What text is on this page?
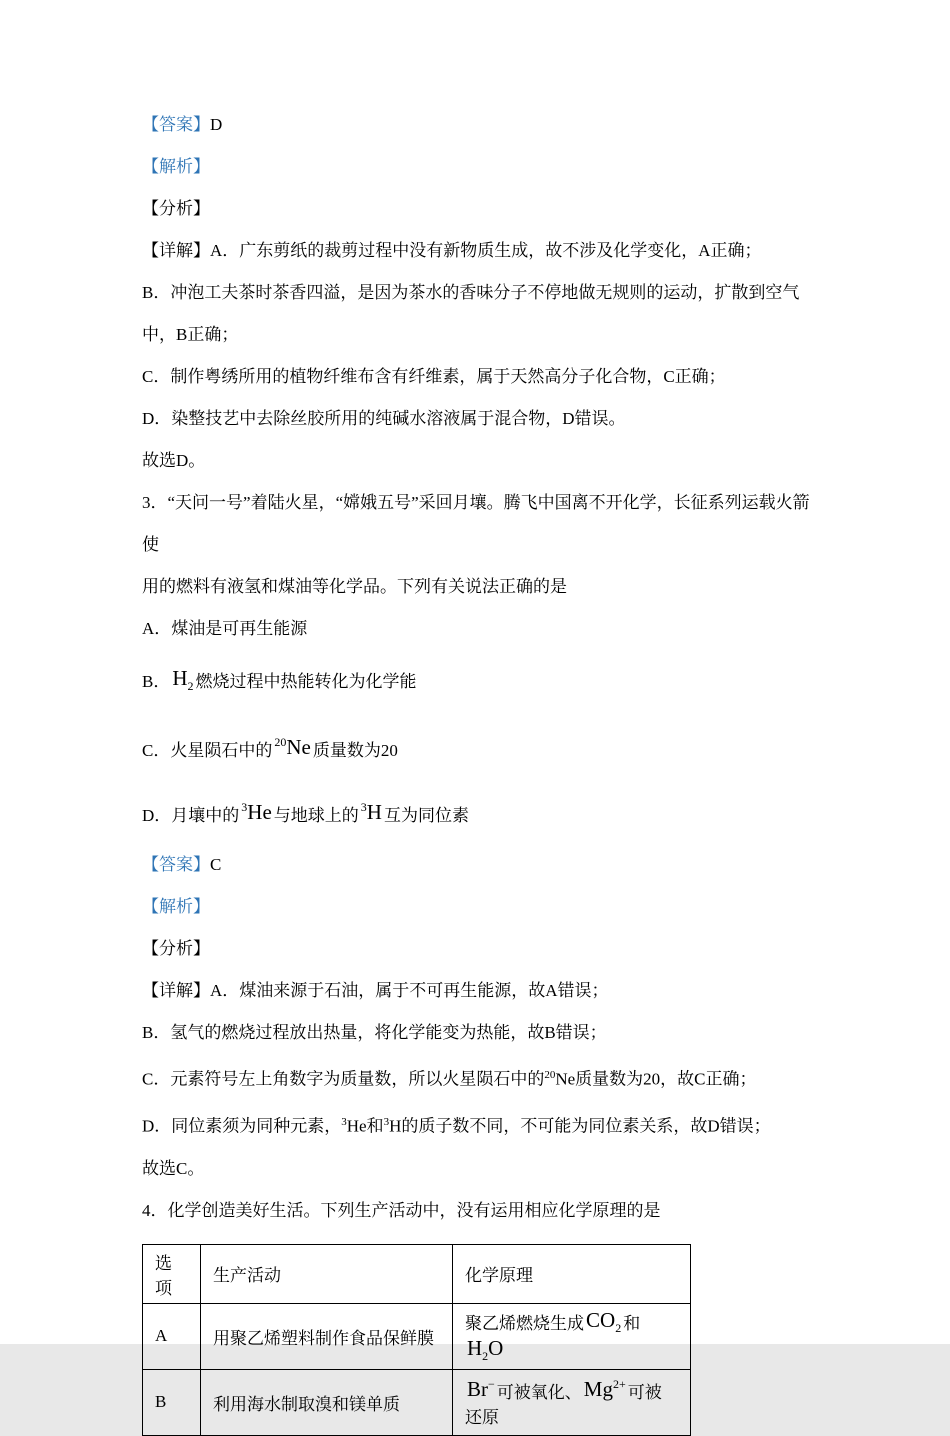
【答案】D

【解析】

【分析】

【详解】A．广东剪纸的裁剪过程中没有新物质生成，故不涉及化学变化，A正确；

B．冲泡工夫茶时茶香四溢，是因为茶水的香味分子不停地做无规则的运动，扩散到空气

中，B正确；

C．制作粤绣所用的植物纤维布含有纤维素，属于天然高分子化合物，C正确；

D．染整技艺中去除丝胶所用的纯碱水溶液属于混合物，D错误。

故选D。

3．“天问一号”着陆火星，“嫦娥五号”采回月壤。腾飞中国离不开化学，长征系列运载火箭使

用的燃料有液氢和煤油等化学品。下列有关说法正确的是

A．煤油是可再生能源

B．$H_2$ 燃烧过程中热能转化为化学能

C．火星陨石中的 $^{20}$Ne 质量数为20

D．月壤中的 $^3$He 与地球上的 $^3$H 互为同位素

【答案】C

【解析】

【分析】

【详解】A．煤油来源于石油，属于不可再生能源，故A错误；

B．氢气的燃烧过程放出热量，将化学能变为热能，故B错误；

C．元素符号左上角数字为质量数，所以火星陨石中的$^{20}$Ne质量数为20，故C正确；

D．同位素须为同种元素，$^3$He和$^3$H的质子数不同，不可能为同位素关系，故D错误；

故选C。

4．化学创造美好生活。下列生产活动中，没有运用相应化学原理的是

选项	生产活动	化学原理
A	用聚乙烯塑料制作食品保鲜膜	聚乙烯燃烧生成$CO_2$ 和$H_2O$
B	利用海水制取溴和镁单质	Br− 可被氧化、$Mg^{2+}$ 可被还原
